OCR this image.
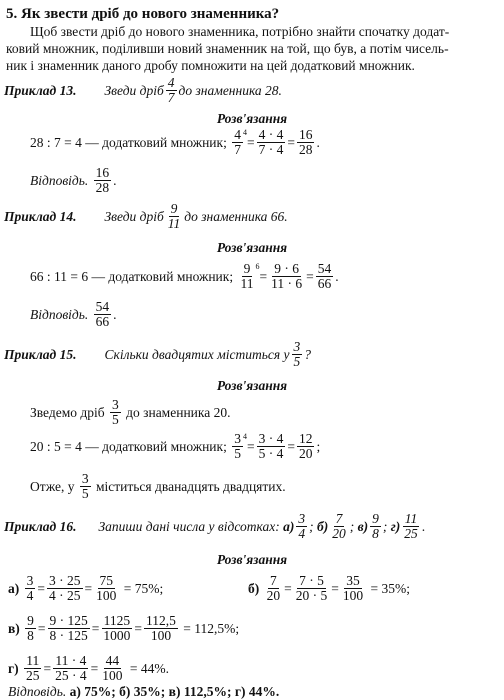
5. Як звести дріб до нового знаменника?
Щоб звести дріб до нового знаменника, потрібно знайти спочатку додат-
ковий множник, поділивши новий знаменник на той, що був, а потім чисель-
ник і знаменник даного дробу помножити на цей додатковий множник.
Приклад 13. Зведи дріб
4
7 до знаменника 28.
Розв'язання
28 : 7 = 4 — додатковий множник;

4
7
4
= $\frac{4 \cdot 4}{7 \cdot 4} = \frac{16}{28}$ .
Відповідь.

16
28 .
Приклад 14. Зведи дріб
9
11 до знаменника 66.
Розв'язання
66 : 11 = 6 — додатковий множник;

9
11
6
= $\frac{9 \cdot 6}{11 \cdot 6} = \frac{54}{66}$ .
Відповідь.

54
66 .
Приклад 15. Скільки двадцятих міститься у
3
5 ?
Розв'язання
Зведемо дріб

3
5
до знаменника 20.
20 : 5 = 4 — додатковий множник;

3
5
4
= $\frac{3 \cdot 4}{5 \cdot 4} = \frac{12}{20}$ ;
Отже, у

3
5
міститься дванадцять двадцятих.
Приклад 16. Запиши дані числа у відсотках:
а)
3
4 ;
б)
7
20 ;
в)
9
8 ;
г)
11
25 .
Розв'язання
а)
$\frac{3}{4} = \frac{3 \cdot 25}{4 \cdot 25} = \frac{75}{100}$
= 75%;	б)
$\frac{7}{20} = \frac{7 \cdot 5}{20 \cdot 5} = \frac{35}{100}$
= 35%;
в)
$\frac{9}{8} = \frac{9 \cdot 125}{8 \cdot 125} = \frac{1125}{1000} = \frac{112,5}{100}$
= 112,5%;
г)
$\frac{11}{25} = \frac{11 \cdot 4}{25 \cdot 4} = \frac{44}{100}$
= 44%.
Відповідь.
а) 75%; б) 35%; в) 112,5%; г) 44%.
